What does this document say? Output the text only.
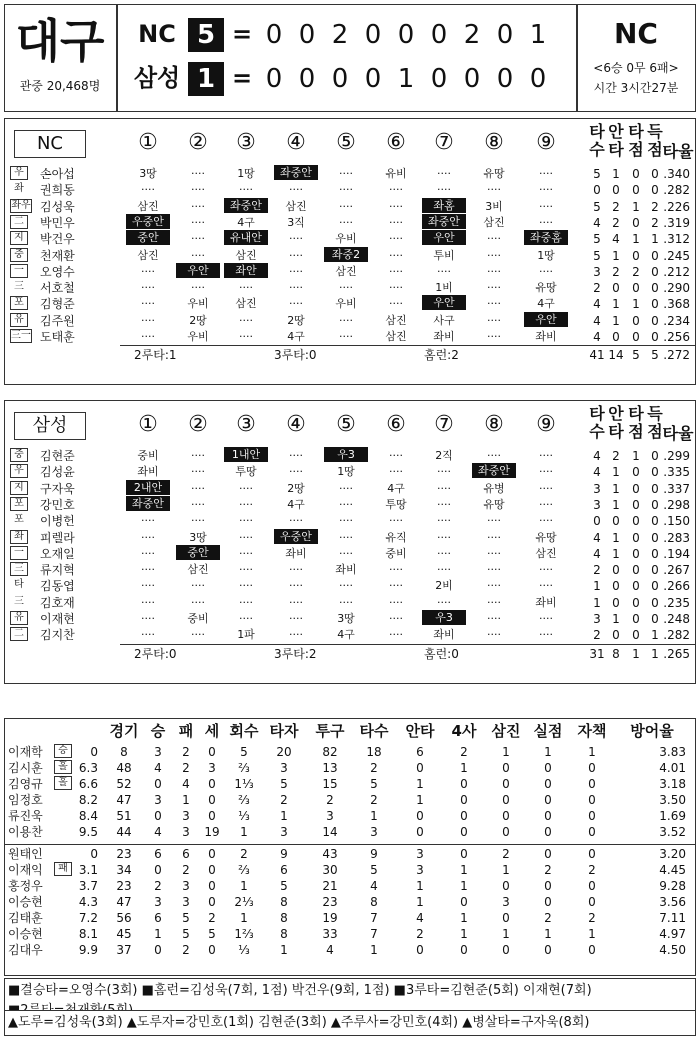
대구
관중 20,468명
NC 5 = 0 0 2 0 0 0 2 0 1
삼성 1 = 0 0 0 0 1 0 0 0 0
NC
<6승 0무 6패>
시간 3시간27분
NC	① ② ③ ④ ⑤ ⑥ ⑦ ⑧ ⑨ 타
수
안
타
타
점
득
점 타율
우	손아섭	3땅	····	1땅	좌중안	····	유비	····	유땅	····	5 1	0 0 .340
좌	권희동	····	····	····	····	····	····	····	····	····	0 0	0 0 .282
좌우 김성욱	삼진	····	좌중안	삼진	····	····	좌홈	3비	····	5 2	1 2 .226
二	박민우	우중안	····	4구	3직	····	····	좌중안	삼진	····	4 2	0 2 .319
지	박건우	중안	····	유내안	····	우비	····	우안	····	좌중홈	5 4	1 1 .312
중	천재환	삼진	····	삼진	····	좌중2	····	투비	····	1땅	5 1	0 0 .245
一	오영수	····	우안	좌안	····	삼진	····	····	····	····	3 2	2 0 .212
三	서호철	····	····	····	····	····	····	1비	····	유땅	2 0	0 0 .290
포	김형준	····	우비	삼진	····	우비	····	우안	····	4구	4 1	1 0 .368
유	김주원	····	2땅	····	2땅	····	삼진	사구	····	우안	4 1	0 0 .234
三一 도태훈	····	우비	····	4구	····	삼진	좌비	····	좌비	4 0	0 0 .256
2루타:1	3루타:0	홈런:2	41 14 5 5 .272
삼성	① ② ③ ④ ⑤ ⑥ ⑦ ⑧ ⑨ 타
수
안
타
타
점
득
점 타율
중	김현준	중비	····	1내안	····	우3	····	2직	····	····	4 2	1 0 .299
우	김성윤	좌비	····	투땅	····	1땅	····	····	좌중안	····	4 1	0 0 .335
지	구자욱	2내안	····	····	2땅	····	4구	····	유병	····	3 1	0 0 .337
포	강민호	좌중안	····	····	4구	····	투땅	····	유땅	····	3 1	0 0 .298
포	이병헌	····	····	····	····	····	····	····	····	····	0 0	0 0 .150
좌	피렐라	····	3땅	····	우중안	····	유직	····	····	유땅	4 1	0 0 .283
一	오재일	····	중안	····	좌비	····	중비	····	····	삼진	4 1	0 0 .194
三	류지혁	····	삼진	····	····	좌비	····	····	····	····	2 0	0 0 .267
타	김동엽	····	····	····	····	····	····	2비	····	····	1 0	0 0 .266
三	김호재	····	····	····	····	····	····	····	····	좌비	1 0	0 0 .235
유	이재현	····	중비	····	····	3땅	····	우3	····	····	3 1	0 0 .248
二	김지찬	····	····	1파	····	4구	····	좌비	····	····	2 0	0 1 .282
2루타:0	3루타:2	홈런:0	31 8	1 1 .265
경기 승 패 세 회수 타자	투구	타수	안타	4사	삼진 실점	자책	방어율
이재학	승	0	8	3	2	0	5	20	82	18	6	2	1	1	1	3.83
김시훈	홀 6.3	48	4	2	3	⅔	3	13	2	0	1	0	0	0	4.01
김영규	홀 6.6	52	0	4	0	1⅓	5	15	5	1	0	0	0	0	3.18
임정호	8.2	47	3	1	0	⅔	2	2	2	1	0	0	0	0	3.50
류진욱	8.4	51	0	3	0	⅓	1	3	1	0	0	0	0	0	1.69
이용찬	9.5	44	4	3	19	1	3	14	3	0	0	0	0	0	3.52
원태인	0	23	6	6	0	2	9	43	9	3	0	2	0	0	3.20
이재익	패 3.1	34	0	2	0	⅔	6	30	5	3	1	1	2	2	4.45
홍정우	3.7	23	2	3	0	1	5	21	4	1	1	0	0	0	9.28
이승현	4.3	47	3	3	0	2⅓	8	23	8	1	0	3	0	0	3.56
김태훈	7.2	56	6	5	2	1	8	19	7	4	1	0	2	2	7.11
이승현	8.1	45	1	5	5	1⅔	8	33	7	2	1	1	1	1	4.97
김대우	9.9	37	0	2	0	⅓	1	4	1	0	0	0	0	0	4.50
■결승타=오영수(3회) ■홈런=김성욱(7회, 1점) 박건우(9회, 1점) ■3루타=김현준(5회) 이재현(7회)
▲도루=김성욱(3회) ▲도루자=강민호(1회) 김현준(3회) ▲주루사=강민호(4회) ▲병살타=구자욱(8회)
